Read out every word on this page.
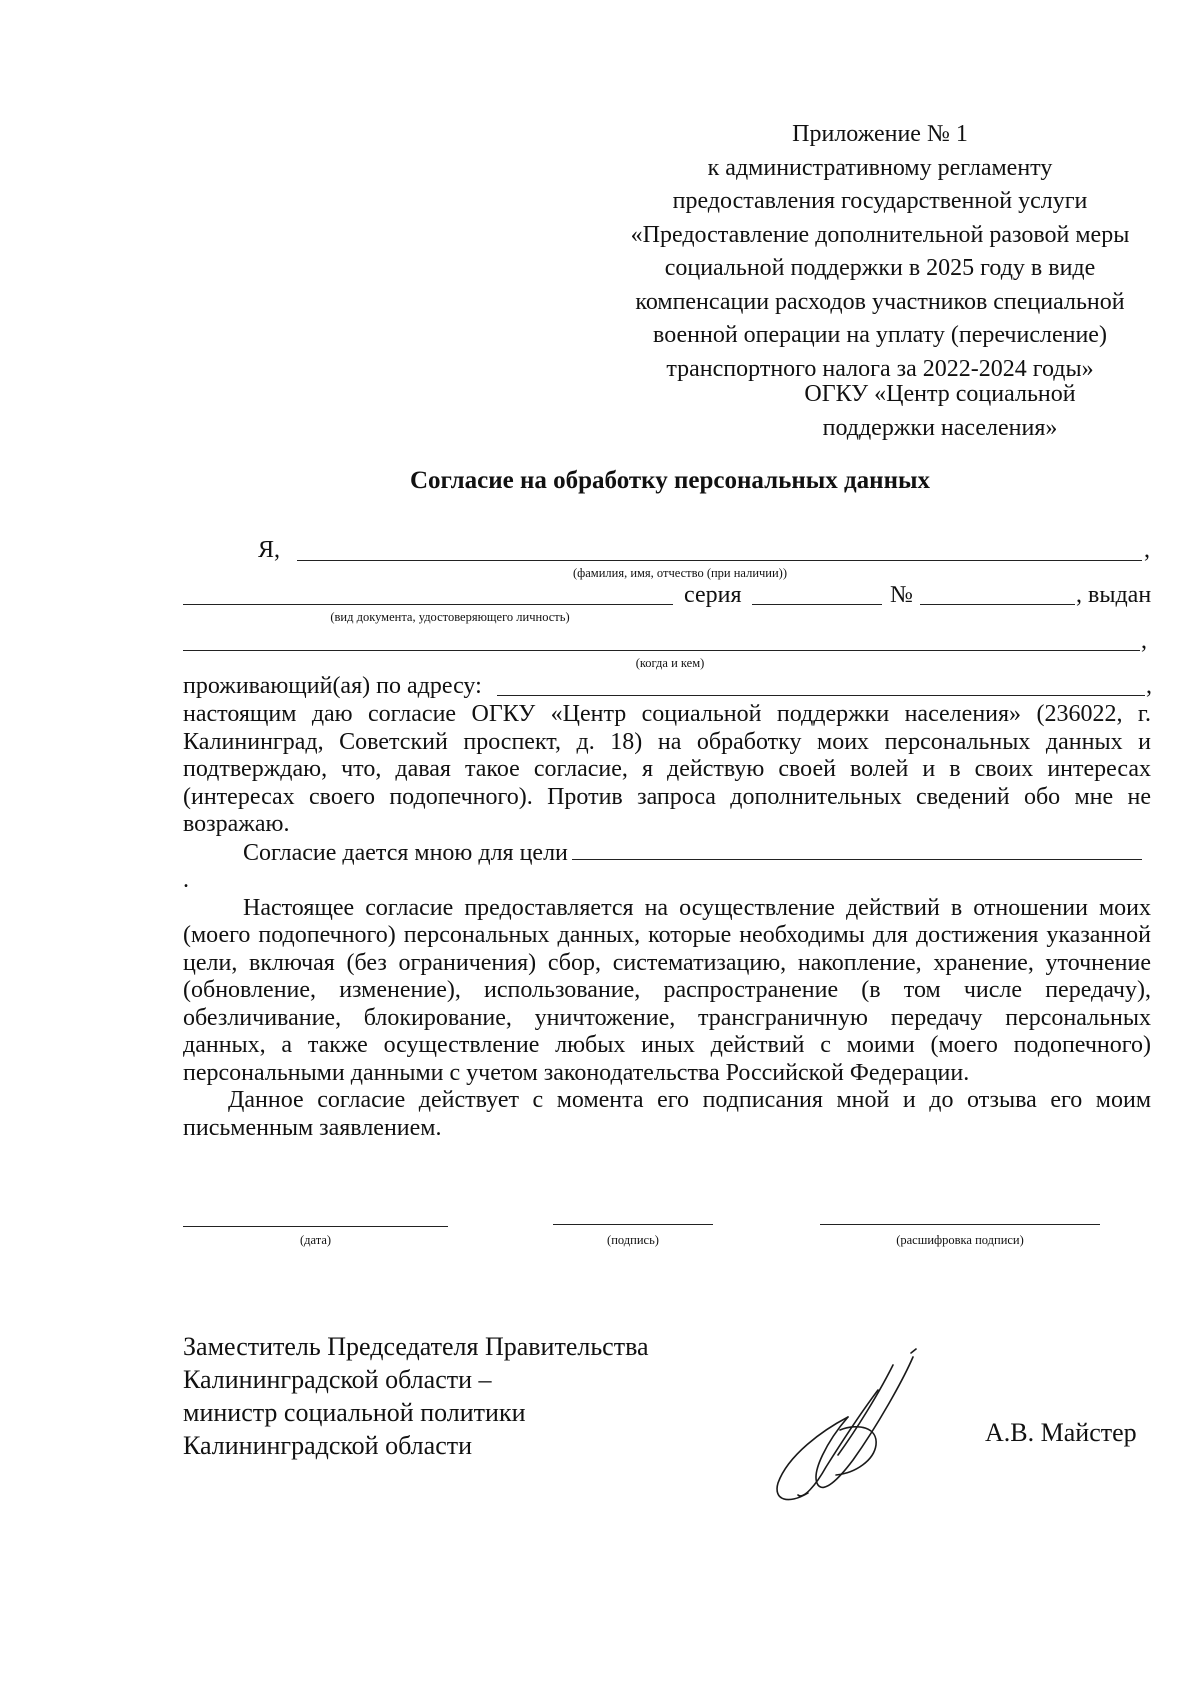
Приложение № 1
к административному регламенту
предоставления государственной услуги
«Предоставление дополнительной разовой меры
социальной поддержки в 2025 году в виде
компенсации расходов участников специальной
военной операции на уплату (перечисление)
транспортного налога за 2022-2024 годы»
ОГКУ «Центр социальной
поддержки населения»
Согласие на обработку персональных данных
Я,	,
(фамилия, имя, отчество (при наличии))
серия	№	, выдан
(вид документа, удостоверяющего личность)
,
(когда и кем)
проживающий(ая) по адресу:	,

настоящим даю согласие ОГКУ «Центр социальной поддержки населения» (236022, г. Калининград, Советский проспект, д. 18) на обработку моих персональных данных и подтверждаю, что, давая такое согласие, я действую своей волей и в своих интересах (интересах своего подопечного). Против запроса дополнительных сведений обо мне не возражаю.

Согласие дается мною для цели.

Настоящее согласие предоставляется на осуществление действий в отношении моих (моего подопечного) персональных данных, которые необходимы для достижения указанной цели, включая (без ограничения) сбор, систематизацию, накопление, хранение, уточнение (обновление, изменение), использование, распространение (в том числе передачу), обезличивание, блокирование, уничтожение, трансграничную передачу персональных данных, а также осуществление любых иных действий с моими (моего подопечного) персональными данными с учетом законодательства Российской Федерации.

Данное согласие действует с момента его подписания мной и до отзыва его моим письменным заявлением.

(дата)	(подпись)	(расшифровка подписи)
Заместитель Председателя Правительства
Калининградской области –
министр социальной политики
Калининградской области	А.В. Майстер
